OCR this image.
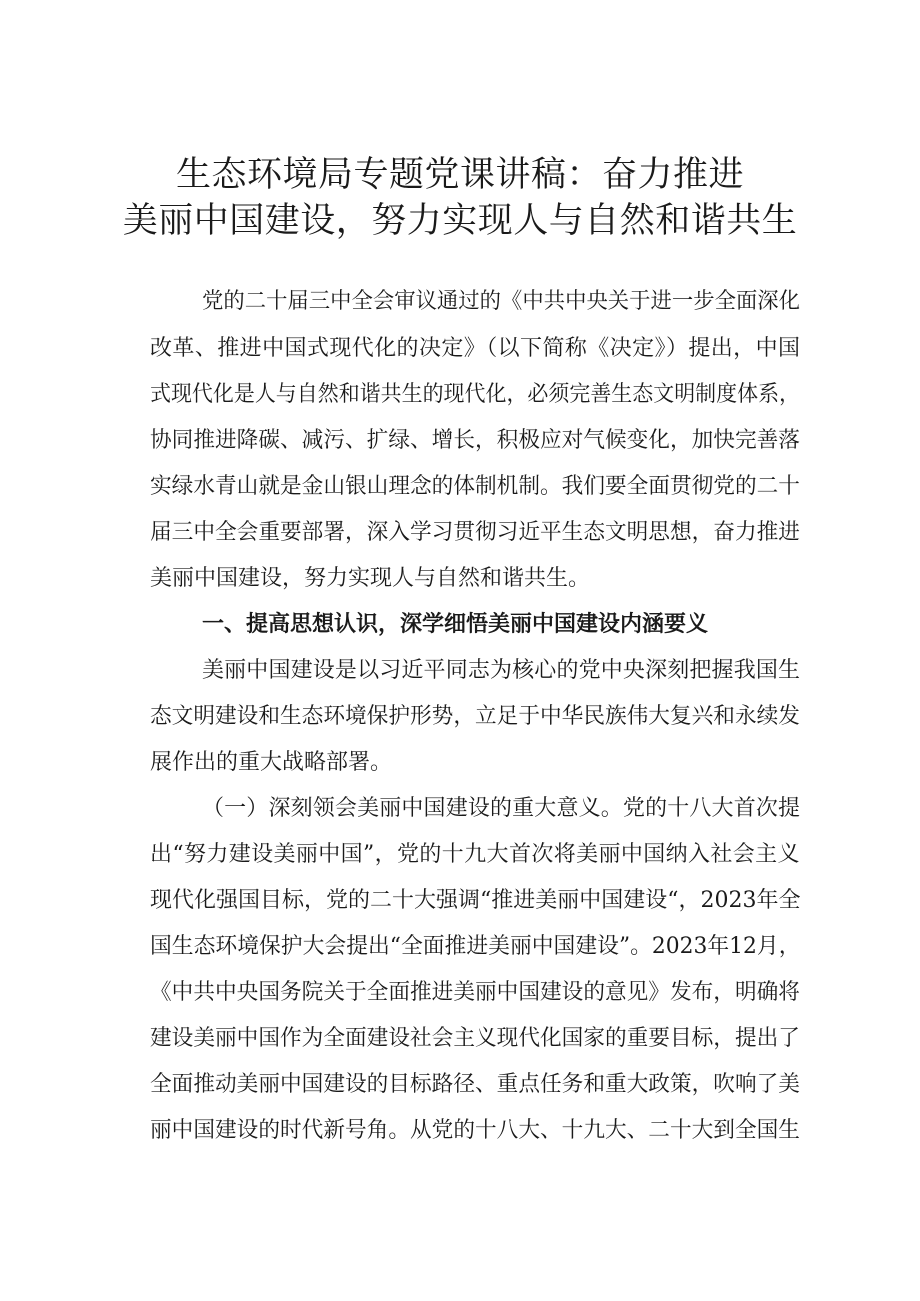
生态环境局专题党课讲稿：奋力推进
美丽中国建设，努力实现人与自然和谐共生
党的二十届三中全会审议通过的《中共中央关于进一步全面深化
改革、推进中国式现代化的决定》（以下简称《决定》）提出，中国
式现代化是人与自然和谐共生的现代化，必须完善生态文明制度体系，
协同推进降碳、减污、扩绿、增长，积极应对气候变化，加快完善落
实绿水青山就是金山银山理念的体制机制。我们要全面贯彻党的二十
届三中全会重要部署，深入学习贯彻习近平生态文明思想，奋力推进
美丽中国建设，努力实现人与自然和谐共生。
一、提高思想认识，深学细悟美丽中国建设内涵要义
美丽中国建设是以习近平同志为核心的党中央深刻把握我国生
态文明建设和生态环境保护形势，立足于中华民族伟大复兴和永续发
展作出的重大战略部署。
（一）深刻领会美丽中国建设的重大意义。党的十八大首次提
出“努力建设美丽中国”，党的十九大首次将美丽中国纳入社会主义
现代化强国目标，党的二十大强调“推进美丽中国建设“，2023年全
国生态环境保护大会提出“全面推进美丽中国建设”。2023年12月，
《中共中央国务院关于全面推进美丽中国建设的意见》发布，明确将
建设美丽中国作为全面建设社会主义现代化国家的重要目标，提出了
全面推动美丽中国建设的目标路径、重点任务和重大政策，吹响了美
丽中国建设的时代新号角。从党的十八大、十九大、二十大到全国生
